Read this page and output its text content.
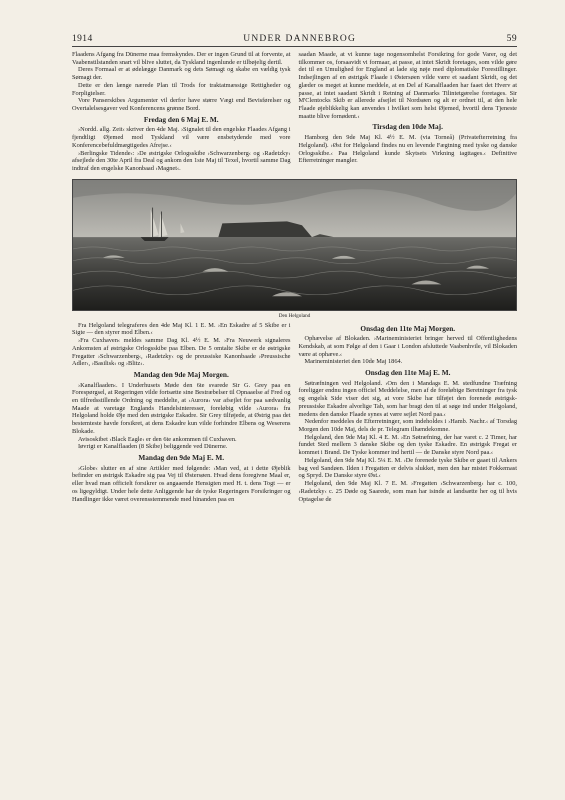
1914	UNDER DANNEBROG	59

Flaadens Afgang fra Dünerne maa fremskyndes. Der er ingen Grund til at forvente, at Vaabenstilstanden snart vil blive sluttet, da Tyskland ingenlunde er tilbøjelig dertil.

Deres Formaal er at ødelægge Danmark og dets Sømagt og skabe en vældig tysk Sømagt der.

Dette er den længe nærede Plan til Trods for traktatmæssige Rettigheder og Forpligtelser.

Vore Panserskibes Argumenter vil derfor have større Vægt end Bevisførelser og Overtalelsesgaver ved Konferencens grønne Bord.

Fredag den 6 Maj E. M.

›Nordd. allg. Zeit‹ skriver den 4de Maj. ›Signalet til den engelske Flaades Afgang i fjendtligt Øjemed mod Tyskland vil være ensbetydende med vore Konferencebefuldmægtigedes Afrejse.‹

›Berlingske Tidende‹: ›De østrigske Orlogsskibe ›Schwarzenberg‹ og ›Radetzky‹ afsejlede den 30te April fra Deal og ankom den 1ste Maj til Texel, hvortil samme Dag indtraf den engelske Kanonbaad ›Magnet‹.

saadan Maade, at vi kunne tage nogensomhelst Forsikring for gode Varer, og det tilkommer os, forsaavidt vi formaar, at passe, at intet Skridt foretages, som vilde gøre det til en Umulighed for England at lade sig nøje med diplomatiske Forestillinger. Indsejlingen af en østrigsk Flaade i Østersøen vilde være et saadant Skridt, og det glæder os meget at kunne meddele, at en Del af Kanalflaaden har faaet det Hverv at passe, at intet saadant Skridt i Retning af Danmarks Tilintetgørelse foretages. Sir M'Clentocks Skib er allerede afsejlet til Nordsøen og alt er ordnet til, at den hele Flaade øjeblikkelig kan anvendes i hvilket som helst Øjemed, hvortil dens Tjeneste maatte blive fornødent.‹

Tirsdag den 10de Maj.

Hamborg den 9de Maj Kl. 4½ E. M. (via Torneå) (Privatefterretning fra Helgoland). ›Øst for Helgoland findes nu en levende Fægtning med tyske og danske Orlogsskibe.‹ Paa Helgoland kunde Skytsets Virkning iagttages.‹ Definitive Efterretninger mangler.

Den Helgoland

Fra Helgoland telegraferes den 4de Maj Kl. 1 E. M. ›En Eskadre af 5 Skibe er i Sigte — den styrer mod Elben.‹

›Fra Cuxhaven‹ meldes samme Dag Kl. 4½ E. M. ›Fra Neuwerk signaleres Ankomsten af østrigske Orlogsskibe paa Elben. De 5 omtalte Skibe er de østrigske Fregatter ›Schwarzenberg‹, ›Radetzky‹ og de preussiske Kanonbaade ›Preussische Adler‹, ›Basilisk‹ og ›Blitz‹.

Mandag den 9de Maj Morgen.

›Kanalflaaden‹. I Underhusets Møde den 6te svarede Sir G. Grey paa en Forespørgsel, at Regeringen vilde fortsætte sine Bestræbelser til Opnaaelse af Fred og en tilfredsstillende Ordning og meddelte, at ›Aurora‹ var afsejlet for paa sædvanlig Maade at varetage Englands Handelsinteresser, foreløbig vilde ›Aurora‹ fra Helgoland holde Øje med den østrigske Eskadre. Sir Grey tilføjede, at Østrig paa det bestemteste havde forsikret, at dens Eskadre kun vilde forhindre Elbens og Weserens Blokade.

Avisoskibet ›Black Eagle‹ er den 6te ankommen til Cuxhaven.

Iøvrigt er Kanalflaaden (8 Skibe) beliggende ved Dünerne.

Mandag den 9de Maj E. M.

›Globe‹ slutter en af sine Artikler med følgende: ›Man ved, at i dette Øjeblik befinder en østrigsk Eskadre sig paa Vej til Østersøen. Hvad dens foregivne Maal er, eller hvad man officielt forsikrer os angaaende Hensigten med H. t. dens Togt — er os ligegyldigt. Under hele dette Anliggende har de tyske Regeringers Forsikringer og Handlinger ikke været overensstemmende med hinanden paa en

Onsdag den 11te Maj Morgen.

Ophævelse af Blokaden. ›Marineministeriet bringer herved til Offentlighedens Kendskab, at som Følge af den i Gaar i London afsluttede Vaabenhvile, vil Blokaden være at ophæve.‹

Marineministeriet den 10de Maj 1864.

Onsdag den 11te Maj E. M.

Søtræfningen ved Helgoland. ›Om den i Mandags E. M. stedfundne Træfning foreligger endnu ingen officiel Meddelelse, men af de foreløbige Beretninger fra tysk og engelsk Side viser det sig, at vore Skibe har tilføjet den forenede østrigsk-preussiske Eskadre alvorlige Tab, som har bragt den til at søge ind under Helgoland, medens den danske Flaade synes at være sejlet Nord paa.‹

Nedenfor meddeles de Efterretninger, som indeholdes i ›Hamb. Nachr.‹ af Torsdag Morgen den 10de Maj, dels de pr. Telegram ilhændekomne.

Helgoland, den 9de Maj Kl. 4 E. M. ›En Søtræfning, der har varet c. 2 Timer, har fundet Sted mellem 3 danske Skibe og den tyske Eskadre. En østrigsk Fregat er kommet i Brand. De Tyske kommer ind hertil — de Danske styre Nord paa.‹

Helgoland, den 9de Maj Kl. 5¼ E. M. ›De forenede tyske Skibe er gaaet til Ankers bag ved Sandøen. Ilden i Fregatten er delvis slukket, men den har mistet Fokkemast og Spryd. De Danske styre Øst.‹

Helgoland, den 9de Maj Kl. 7 E. M. ›Fregatten ›Schwarzenberg‹ har c. 100, ›Radetzky‹ c. 25 Døde og Saarede, som man har isinde at landsætte her og til hvis Optagelse de
